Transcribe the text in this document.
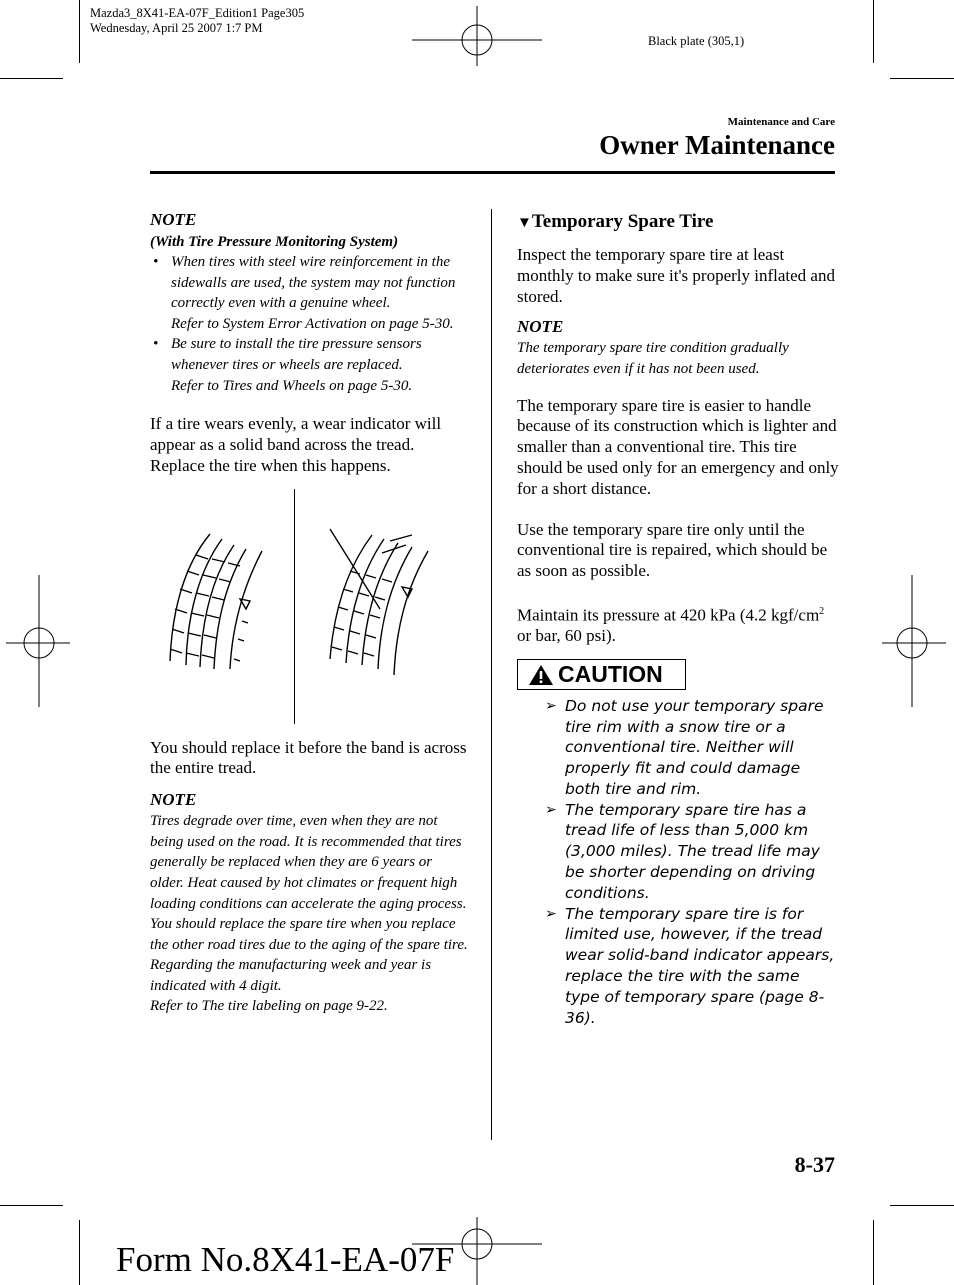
Mazda3_8X41-EA-07F_Edition1 Page305
Wednesday, April 25 2007 1:7 PM
Black plate (305,1)
Maintenance and Care
Owner Maintenance

NOTE

(With Tire Pressure Monitoring System)

• When tires with steel wire reinforcement in the sidewalls are used, the system may not function correctly even with a genuine wheel.
Refer to System Error Activation on page 5-30.
• Be sure to install the tire pressure sensors whenever tires or wheels are replaced.
Refer to Tires and Wheels on page 5-30.

If a tire wears evenly, a wear indicator will appear as a solid band across the tread.

Replace the tire when this happens.

You should replace it before the band is across the entire tread.

NOTE

Tires degrade over time, even when they are not being used on the road. It is recommended that tires generally be replaced when they are 6 years or older. Heat caused by hot climates or frequent high loading conditions can accelerate the aging process. You should replace the spare tire when you replace the other road tires due to the aging of the spare tire. Regarding the manufacturing week and year is indicated with 4 digit.

Refer to The tire labeling on page 9-22.

▼Temporary Spare Tire

Inspect the temporary spare tire at least monthly to make sure it's properly inflated and stored.

NOTE

The temporary spare tire condition gradually deteriorates even if it has not been used.

The temporary spare tire is easier to handle because of its construction which is lighter and smaller than a conventional tire. This tire should be used only for an emergency and only for a short distance.

Use the temporary spare tire only until the conventional tire is repaired, which should be as soon as possible.

Maintain its pressure at 420 kPa (4.2 kgf/$cm^2$ or bar, 60 psi).

CAUTION
➢ Do not use your temporary spare tire rim with a snow tire or a conventional tire. Neither will properly fit and could damage both tire and rim.
➢ The temporary spare tire has a tread life of less than 5,000 km (3,000 miles). The tread life may be shorter depending on driving conditions.
➢ The temporary spare tire is for limited use, however, if the tread wear solid-band indicator appears, replace the tire with the same type of temporary spare (page 8-36).
8-37
Form No.8X41-EA-07F
